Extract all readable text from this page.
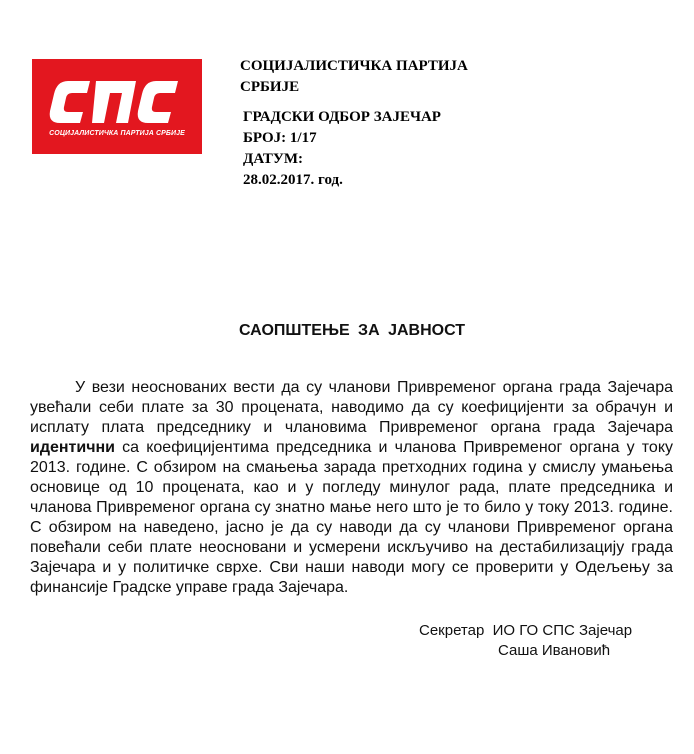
СОЦИЈАЛИСТИЧКА ПАРТИЈА СРБИЈЕ
СОЦИЈАЛИСТИЧКА ПАРТИЈА
СРБИЈЕ
ГРАДСКИ ОДБОР ЗАЈЕЧАР
БРОЈ: 1/17
ДАТУМ:
28.02.2017. год.
САОПШТЕЊЕ ЗА ЈАВНОСТ

У вези неоснованих вести да су чланови Привременог органа града Зајечара увећали себи плате за 30 процената, наводимо да су коефицијенти за обрачун и исплату плата председнику и члановима Привременог органа града Зајечара идентични са коефицијентима председника и чланова Привременог органа у току 2013. године. С обзиром на смањења зарада претходних година у смислу умањења основице од 10 процената, као и у погледу минулог рада, плате председника и чланова Привременог органа су знатно мање него што је то било у току 2013. године. С обзиром на наведено, јасно је да су наводи да су чланови Привременог органа повећали себи плате неосновани и усмерени искључиво на дестабилизацију града Зајечара и у политичке сврхе. Сви наши наводи могу се проверити у Одељењу за финансије Градске управе града Зајечара.

Секретар  ИО ГО СПС Зајечар
Саша Ивановић
